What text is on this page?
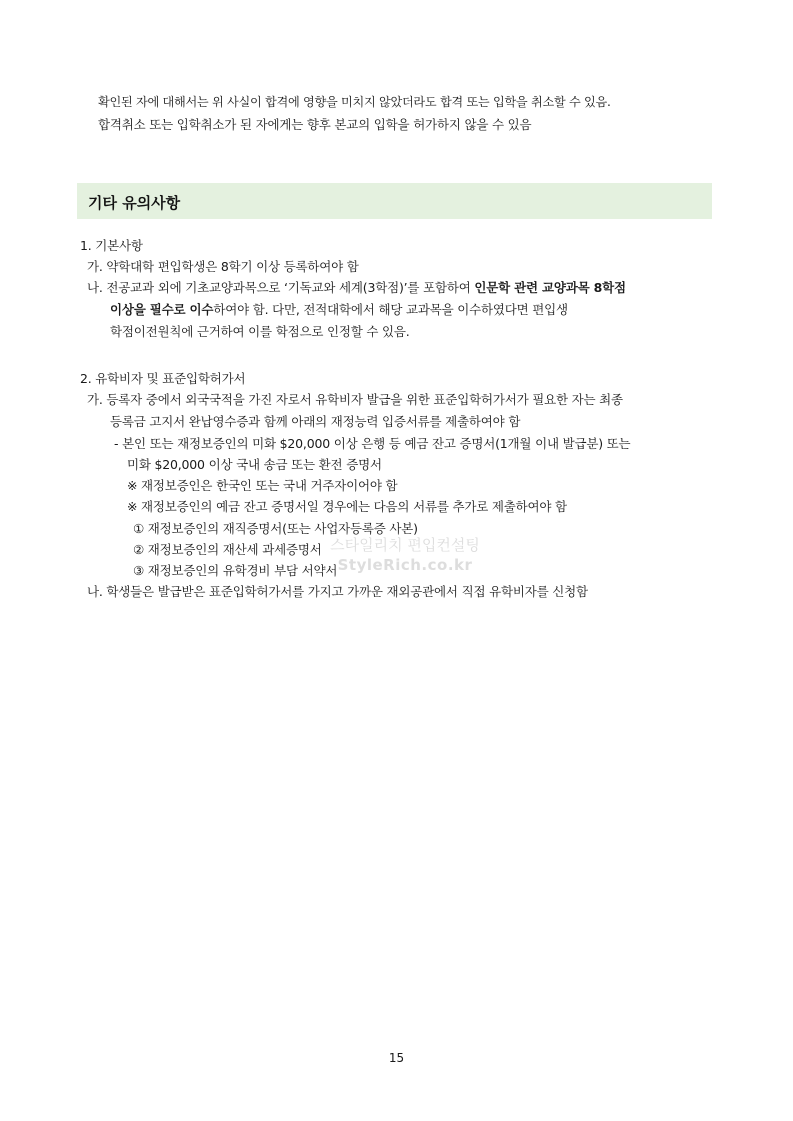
확인된 자에 대해서는 위 사실이 합격에 영향을 미치지 않았더라도 합격 또는 입학을 취소할 수 있음.
합격취소 또는 입학취소가 된 자에게는 향후 본교의 입학을 허가하지 않을 수 있음
기타 유의사항
1. 기본사항
가. 약학대학 편입학생은 8학기 이상 등록하여야 함
나. 전공교과 외에 기초교양과목으로 ‘기독교와 세계(3학점)’를 포함하여 인문학 관련 교양과목 8학점
이상을 필수로 이수하여야 함. 다만, 전적대학에서 해당 교과목을 이수하였다면 편입생
학점이전원칙에 근거하여 이를 학점으로 인정할 수 있음.
2. 유학비자 및 표준입학허가서
가. 등록자 중에서 외국국적을 가진 자로서 유학비자 발급을 위한 표준입학허가서가 필요한 자는 최종
등록금 고지서 완납영수증과 함께 아래의 재정능력 입증서류를 제출하여야 함
- 본인 또는 재정보증인의 미화 $20,000 이상 은행 등 예금 잔고 증명서(1개월 이내 발급분) 또는
미화 $20,000 이상 국내 송금 또는 환전 증명서
※ 재정보증인은 한국인 또는 국내 거주자이어야 함
※ 재정보증인의 예금 잔고 증명서일 경우에는 다음의 서류를 추가로 제출하여야 함
① 재정보증인의 재직증명서(또는 사업자등록증 사본)
② 재정보증인의 재산세 과세증명서
③ 재정보증인의 유학경비 부담 서약서
나. 학생들은 발급받은 표준입학허가서를 가지고 가까운 재외공관에서 직접 유학비자를 신청함
스타일리치 편입컨설팅
StyleRich.co.kr
15
